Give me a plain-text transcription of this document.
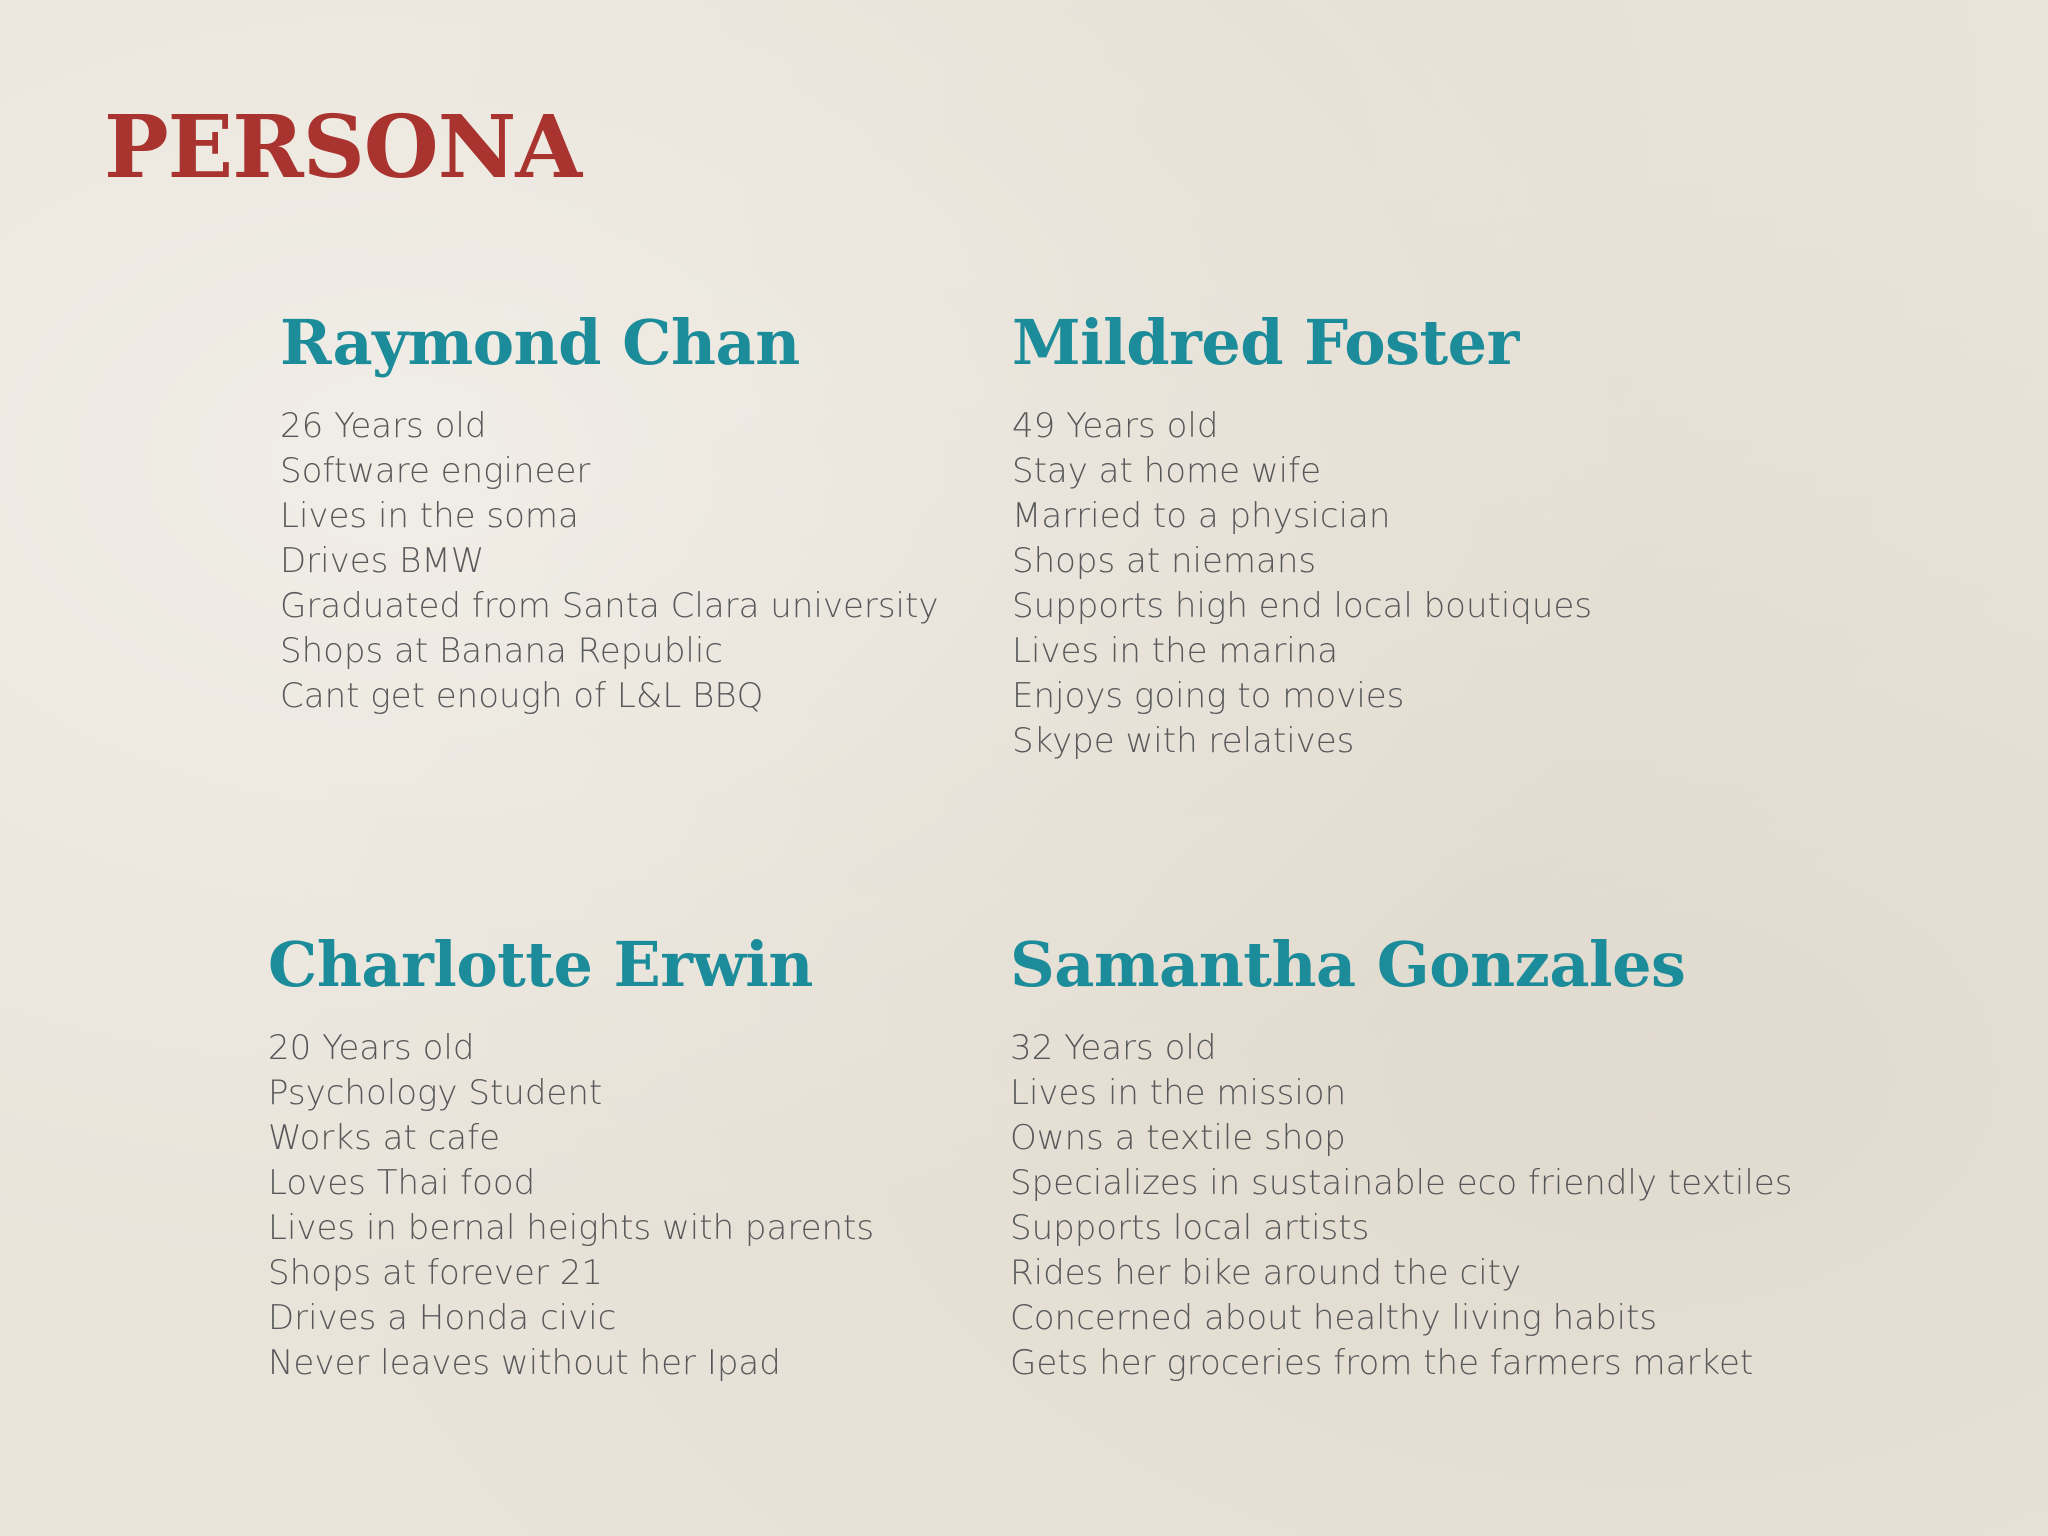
PERSONA
Raymond Chan
26 Years old
Software engineer
Lives in the soma
Drives BMW
Graduated from Santa Clara university
Shops at Banana Republic
Cant get enough of L&L BBQ
Mildred Foster
49 Years old
Stay at home wife
Married to a physician
Shops at niemans
Supports high end local boutiques
Lives in the marina
Enjoys going to movies
Skype with relatives
Charlotte Erwin
20 Years old
Psychology Student
Works at cafe
Loves Thai food
Lives in bernal heights with parents
Shops at forever 21
Drives a Honda civic
Never leaves without her Ipad
Samantha Gonzales
32 Years old
Lives in the mission
Owns a textile shop
Specializes in sustainable eco friendly textiles
Supports local artists
Rides her bike around the city
Concerned about healthy living habits
Gets her groceries from the farmers market
